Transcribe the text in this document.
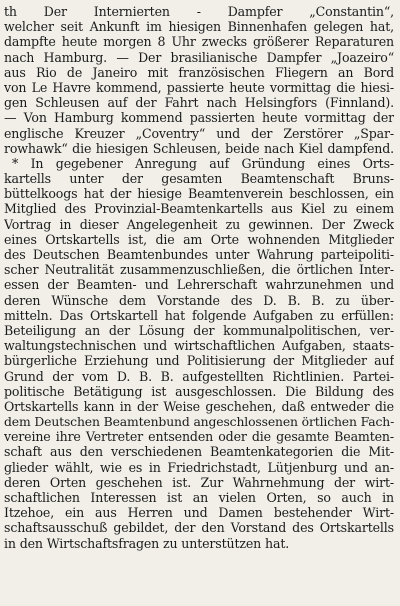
th Der Internierten - Dampfer „Constantin“,
welcher seit Ankunft im hiesigen Binnenhafen gelegen hat,
dampfte heute morgen 8 Uhr zwecks größerer Reparaturen
nach Hamburg. — Der brasilianische Dampfer „Joazeiro“
aus Rio de Janeiro mit französischen Fliegern an Bord
von Le Havre kommend, passierte heute vormittag die hiesi-
gen Schleusen auf der Fahrt nach Helsingfors (Finnland).
— Von Hamburg kommend passierten heute vormittag der
englische Kreuzer „Coventry“ und der Zerstörer „Spar-
rowhawk“ die hiesigen Schleusen, beide nach Kiel dampfend.
* In gegebener Anregung auf Gründung eines Orts-
kartells unter der gesamten Beamtenschaft Bruns-
büttelkoogs hat der hiesige Beamtenverein beschlossen, ein
Mitglied des Provinzial-Beamtenkartells aus Kiel zu einem
Vortrag in dieser Angelegenheit zu gewinnen. Der Zweck
eines Ortskartells ist, die am Orte wohnenden Mitglieder
des Deutschen Beamtenbundes unter Wahrung parteipoliti-
scher Neutralität zusammenzuschließen, die örtlichen Inter-
essen der Beamten- und Lehrerschaft wahrzunehmen und
deren Wünsche dem Vorstande des D. B. B. zu über-
mitteln. Das Ortskartell hat folgende Aufgaben zu erfüllen:
Beteiligung an der Lösung der kommunalpolitischen, ver-
waltungstechnischen und wirtschaftlichen Aufgaben, staats-
bürgerliche Erziehung und Politisierung der Mitglieder auf
Grund der vom D. B. B. aufgestellten Richtlinien. Partei-
politische Betätigung ist ausgeschlossen. Die Bildung des
Ortskartells kann in der Weise geschehen, daß entweder die
dem Deutschen Beamtenbund angeschlossenen örtlichen Fach-
vereine ihre Vertreter entsenden oder die gesamte Beamten-
schaft aus den verschiedenen Beamtenkategorien die Mit-
glieder wählt, wie es in Friedrichstadt, Lütjenburg und an-
deren Orten geschehen ist. Zur Wahrnehmung der wirt-
schaftlichen Interessen ist an vielen Orten, so auch in
Itzehoe, ein aus Herren und Damen bestehender Wirt-
schaftsausschuß gebildet, der den Vorstand des Ortskartells
in den Wirtschaftsfragen zu unterstützen hat.
